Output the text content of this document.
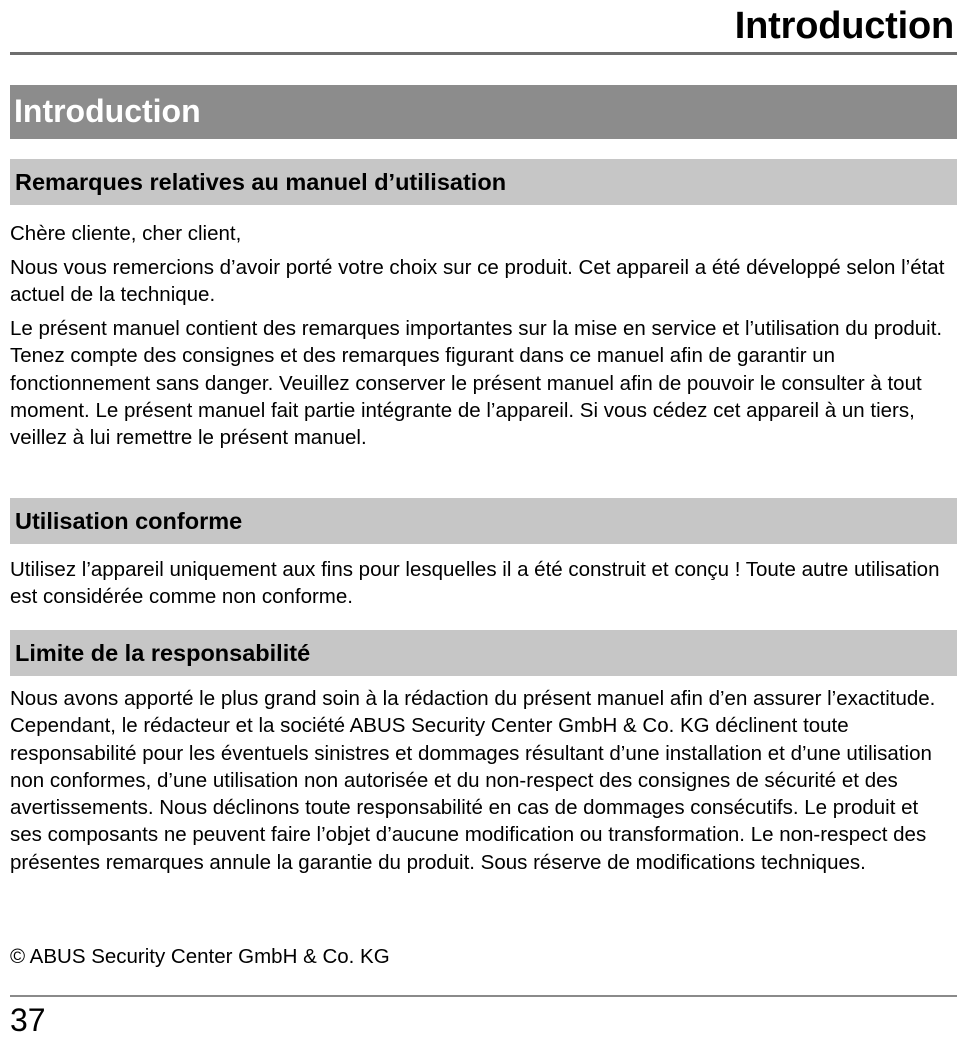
Introduction
Introduction
Remarques relatives au manuel d’utilisation

Chère cliente, cher client,

Nous vous remercions d’avoir porté votre choix sur ce produit. Cet appareil a été développé selon l’état actuel de la technique.

Le présent manuel contient des remarques importantes sur la mise en service et l’utilisation du produit. Tenez compte des consignes et des remarques figurant dans ce manuel afin de garantir un fonctionnement sans danger. Veuillez conserver le présent manuel afin de pouvoir le consulter à tout moment. Le présent manuel fait partie intégrante de l’appareil. Si vous cédez cet appareil à un tiers, veillez à lui remettre le présent manuel.

Utilisation conforme

Utilisez l’appareil uniquement aux fins pour lesquelles il a été construit et conçu ! Toute autre utilisation est considérée comme non conforme.

Limite de la responsabilité

Nous avons apporté le plus grand soin à la rédaction du présent manuel afin d’en assurer l’exactitude. Cependant, le rédacteur et la société ABUS Security Center GmbH & Co. KG déclinent toute responsabilité pour les éventuels sinistres et dommages résultant d’une installation et d’une utilisation non conformes, d’une utilisation non autorisée et du non-respect des consignes de sécurité et des avertissements. Nous déclinons toute responsabilité en cas de dommages consécutifs. Le produit et ses composants ne peuvent faire l’objet d’aucune modification ou transformation. Le non-respect des présentes remarques annule la garantie du produit. Sous réserve de modifications techniques.

© ABUS Security Center GmbH & Co. KG

37
